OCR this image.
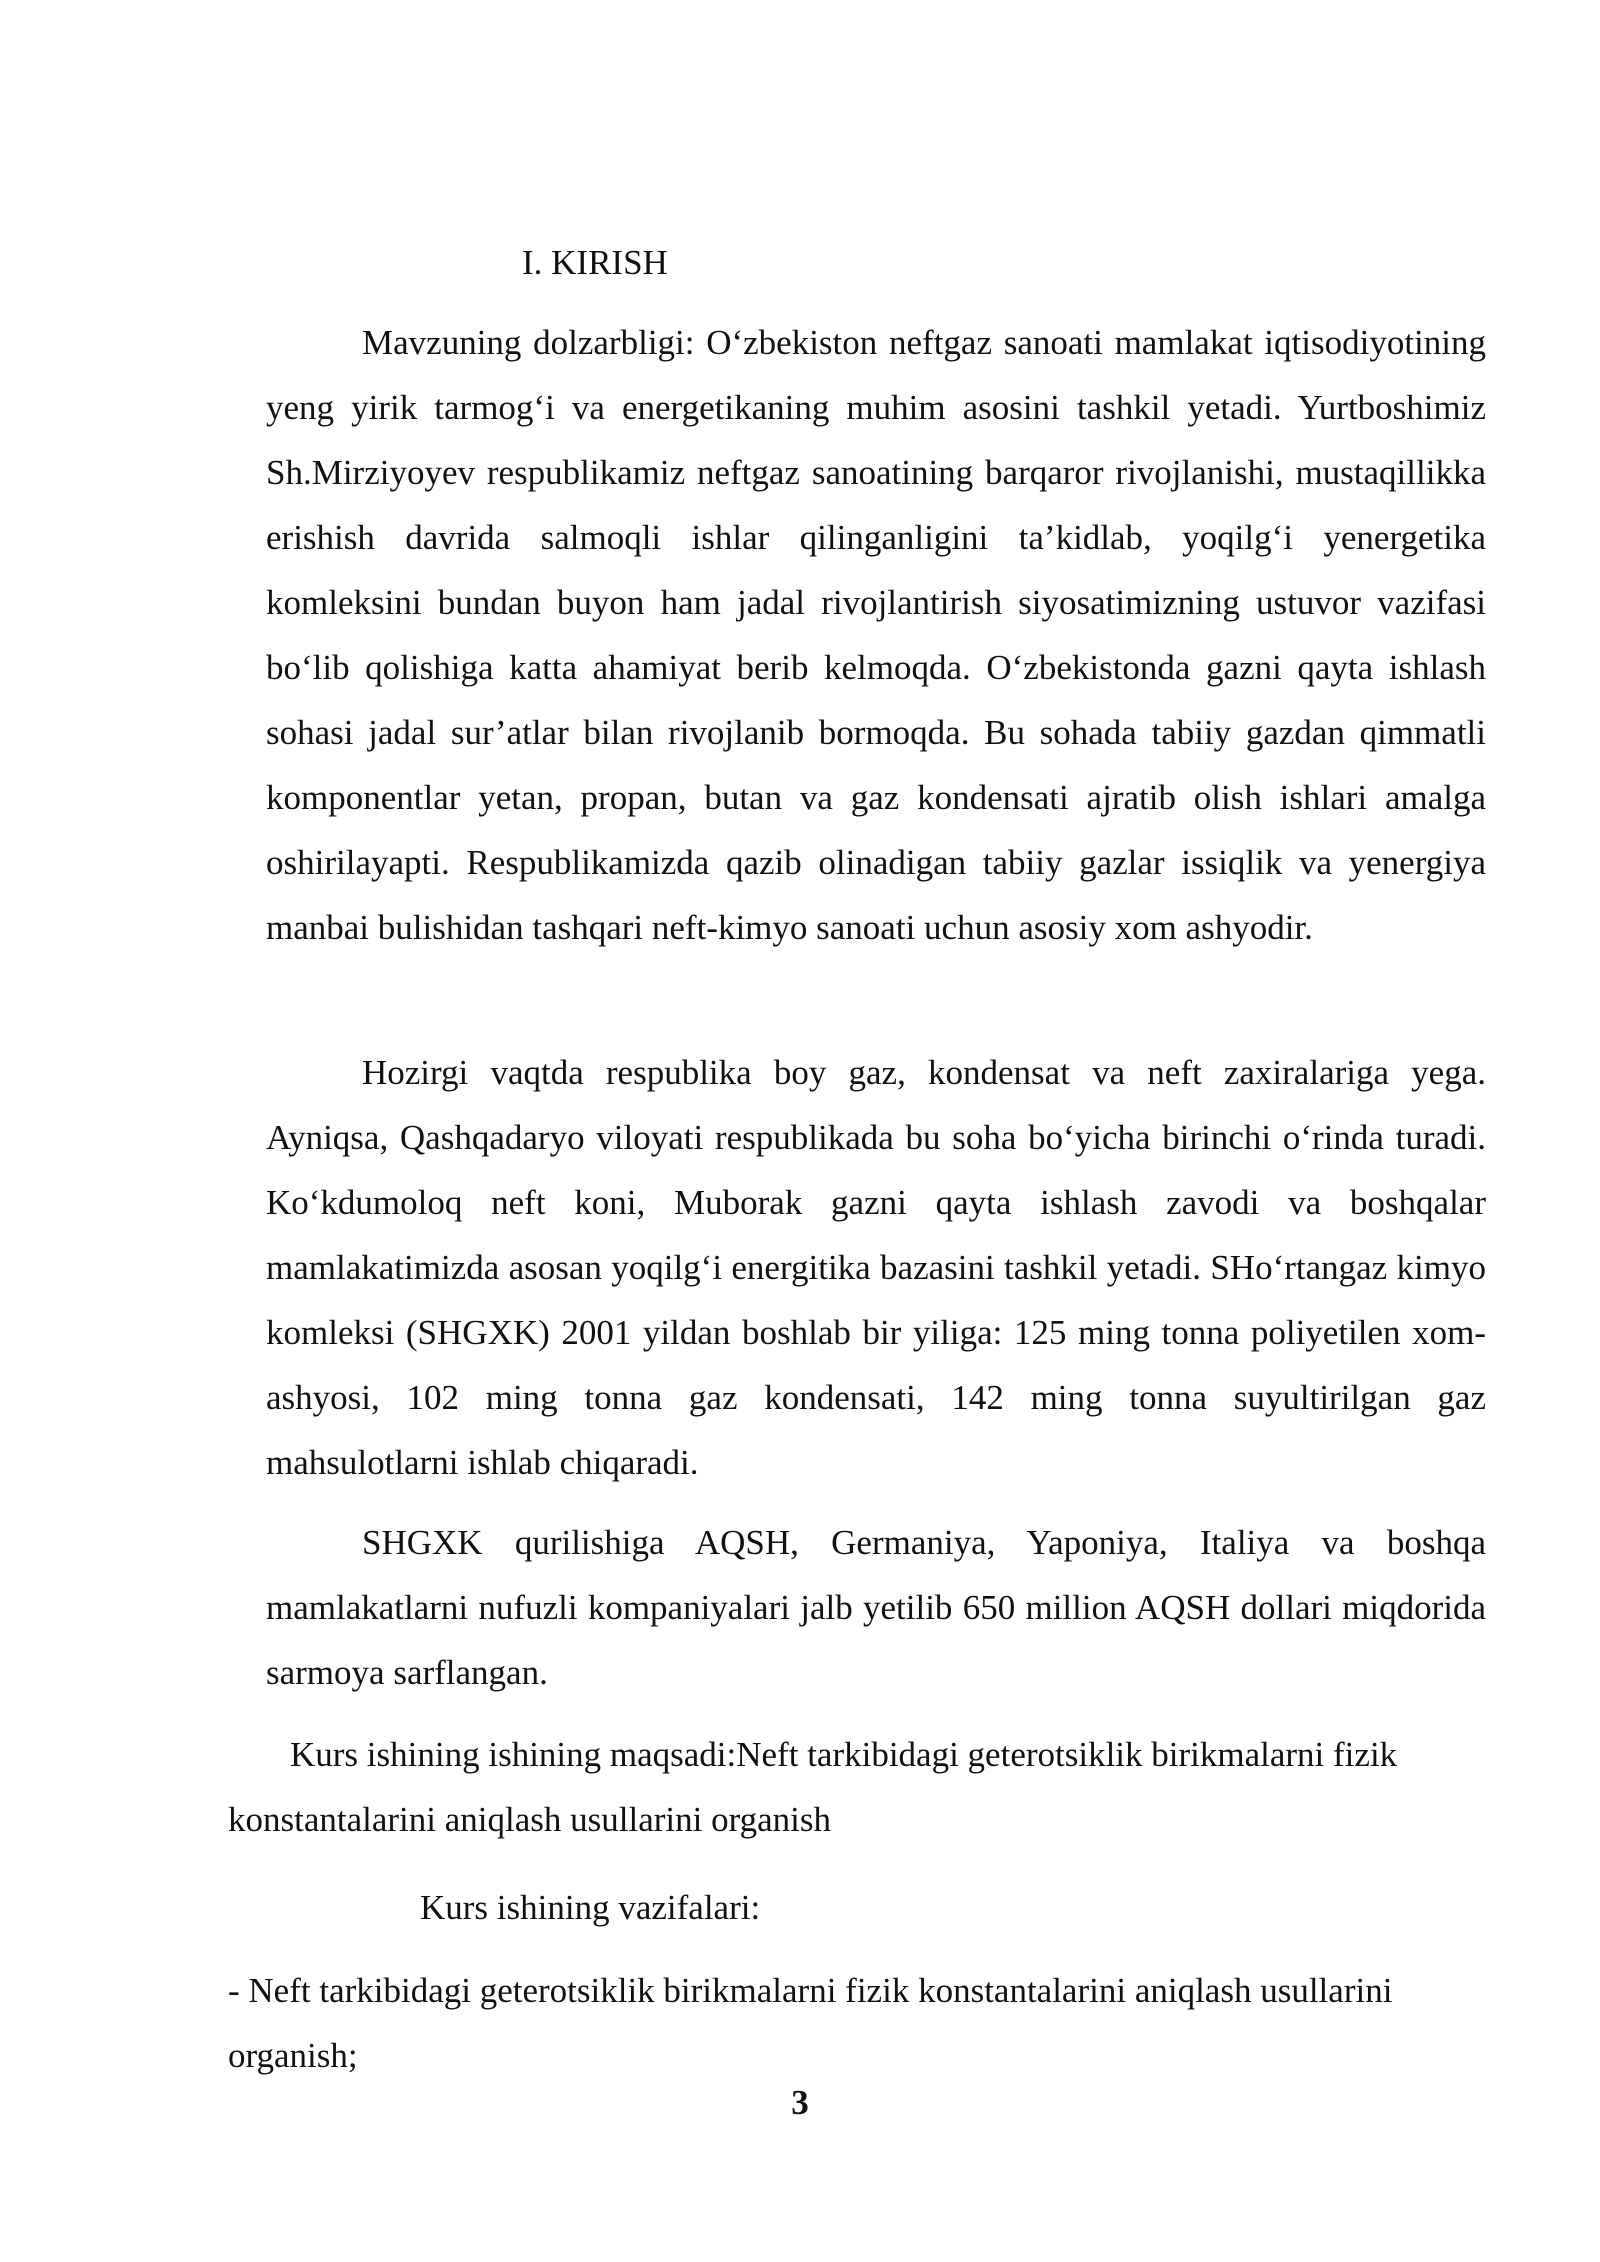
I. KIRISH

Mavzuning dolzarbligi: O‘zbekiston neftgaz sanoati mamlakat iqtisodiyotining yeng yirik tarmog‘i va energetikaning muhim asosini tashkil yetadi. Yurtboshimiz Sh.Mirziyoyev respublikamiz neftgaz sanoatining barqaror rivojlanishi, mustaqillikka erishish davrida salmoqli ishlar qilinganligini ta’kidlab, yoqilg‘i yenergetika komleksini bundan buyon ham jadal rivojlantirish siyosatimizning ustuvor vazifasi bo‘lib qolishiga katta ahamiyat berib kelmoqda. O‘zbekistonda gazni qayta ishlash sohasi jadal sur’atlar bilan rivojlanib bormoqda. Bu sohada tabiiy gazdan qimmatli komponentlar yetan, propan, butan va gaz kondensati ajratib olish ishlari amalga oshirilayapti. Respublikamizda qazib olinadigan tabiiy gazlar issiqlik va yenergiya manbai bulishidan tashqari neft-kimyo sanoati uchun asosiy xom ashyodir.

Hozirgi vaqtda respublika boy gaz, kondensat va neft zaxiralariga yega. Ayniqsa, Qashqadaryo viloyati respublikada bu soha bo‘yicha birinchi o‘rinda turadi. Ko‘kdumoloq neft koni, Muborak gazni qayta ishlash zavodi va boshqalar mamlakatimizda asosan yoqilg‘i energitika bazasini tashkil yetadi. SHo‘rtangaz kimyo komleksi (SHGXK) 2001 yildan boshlab bir yiliga: 125 ming tonna poliyetilen xom-ashyosi, 102 ming tonna gaz kondensati, 142 ming tonna suyultirilgan gaz mahsulotlarni ishlab chiqaradi.

SHGXK qurilishiga AQSH, Germaniya, Yaponiya, Italiya va boshqa mamlakatlarni nufuzli kompaniyalari jalb yetilib 650 million AQSH dollari miqdorida sarmoya sarflangan.

Kurs ishining ishining maqsadi:Neft tarkibidagi geterotsiklik birikmalarni fizik konstantalarini aniqlash usullarini organish

Kurs ishining vazifalari:

- Neft tarkibidagi geterotsiklik birikmalarni fizik konstantalarini aniqlash usullarini organish;

3
